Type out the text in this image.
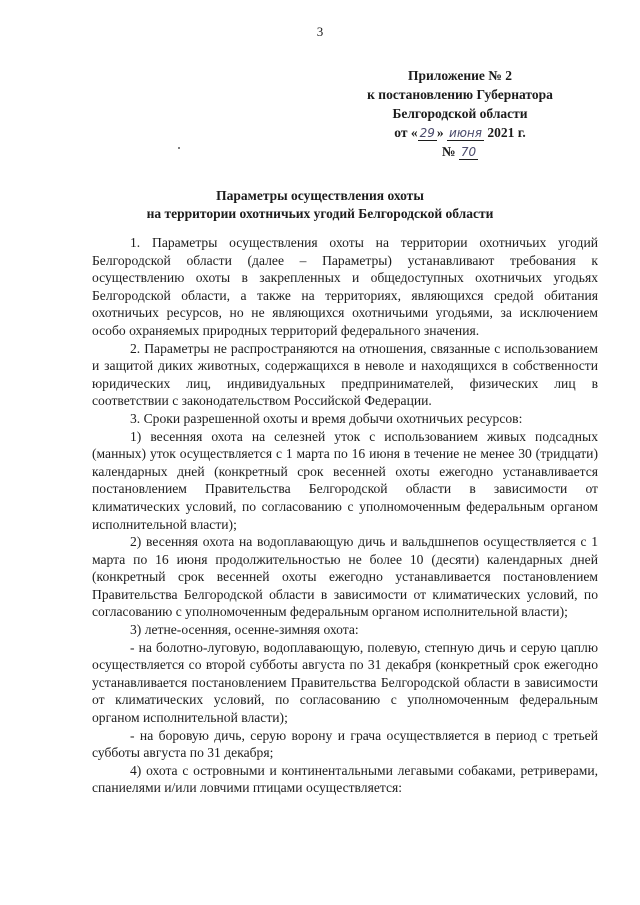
3
Приложение № 2
к постановлению Губернатора
Белгородской области
от « 29 » июня 2021 г.
№ 70
Параметры осуществления охоты
на территории охотничьих угодий Белгородской области

1. Параметры осуществления охоты на территории охотничьих угодий Белгородской области (далее – Параметры) устанавливают требования к осуществлению охоты в закрепленных и общедоступных охотничьих угодьях Белгородской области, а также на территориях, являющихся средой обитания охотничьих ресурсов, но не являющихся охотничьими угодьями, за исключением особо охраняемых природных территорий федерального значения.

2. Параметры не распространяются на отношения, связанные с использованием и защитой диких животных, содержащихся в неволе и находящихся в собственности юридических лиц, индивидуальных предпринимателей, физических лиц в соответствии с законодательством Российской Федерации.

3. Сроки разрешенной охоты и время добычи охотничьих ресурсов:

1) весенняя охота на селезней уток с использованием живых подсадных (манных) уток осуществляется с 1 марта по 16 июня в течение не менее 30 (тридцати) календарных дней (конкретный срок весенней охоты ежегодно устанавливается постановлением Правительства Белгородской области в зависимости от климатических условий, по согласованию с уполномоченным федеральным органом исполнительной власти);

2) весенняя охота на водоплавающую дичь и вальдшнепов осуществляется с 1 марта по 16 июня продолжительностью не более 10 (десяти) календарных дней (конкретный срок весенней охоты ежегодно устанавливается постановлением Правительства Белгородской области в зависимости от климатических условий, по согласованию с уполномоченным федеральным органом исполнительной власти);

3) летне-осенняя, осенне-зимняя охота:

- на болотно-луговую, водоплавающую, полевую, степную дичь и серую цаплю осуществляется со второй субботы августа по 31 декабря (конкретный срок ежегодно устанавливается постановлением Правительства Белгородской области в зависимости от климатических условий, по согласованию с уполномоченным федеральным органом исполнительной власти);

- на боровую дичь, серую ворону и грача осуществляется в период с третьей субботы августа по 31 декабря;

4) охота с островными и континентальными легавыми собаками, ретриверами, спаниелями и/или ловчими птицами осуществляется:
